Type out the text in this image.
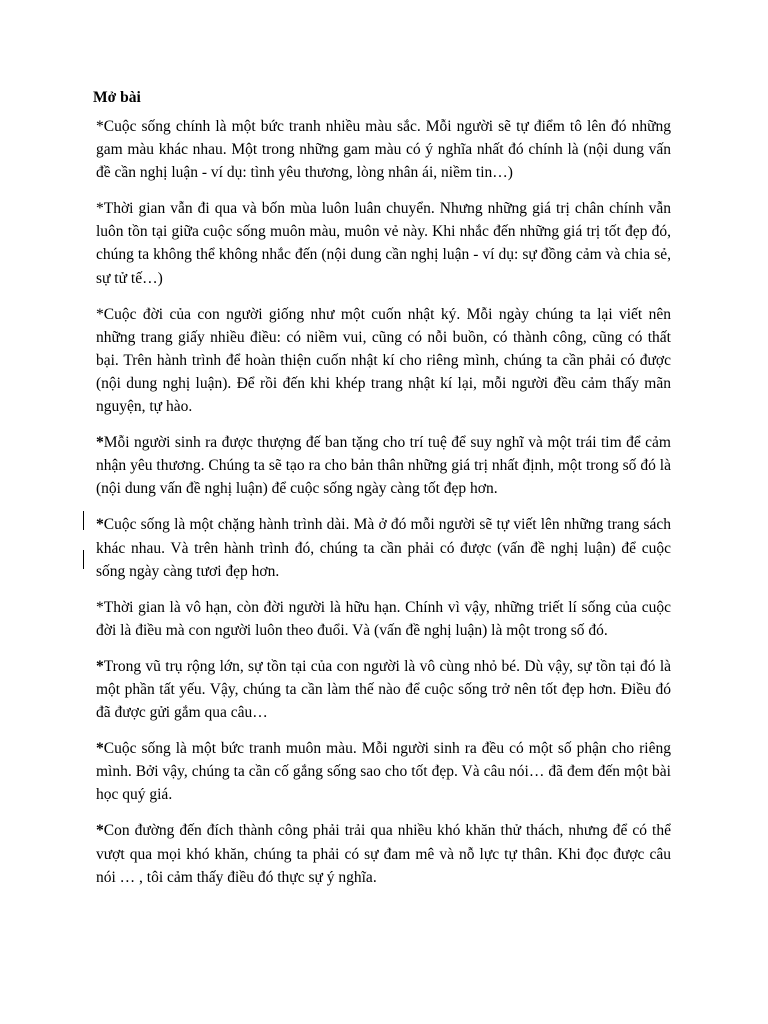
Mở bài

*Cuộc sống chính là một bức tranh nhiều màu sắc. Mỗi người sẽ tự điểm tô lên đó những gam màu khác nhau. Một trong những gam màu có ý nghĩa nhất đó chính là (nội dung vấn đề cần nghị luận - ví dụ: tình yêu thương, lòng nhân ái, niềm tin…)

*Thời gian vẫn đi qua và bốn mùa luôn luân chuyển. Nhưng những giá trị chân chính vẫn luôn tồn tại giữa cuộc sống muôn màu, muôn vẻ này. Khi nhắc đến những giá trị tốt đẹp đó, chúng ta không thể không nhắc đến (nội dung cần nghị luận - ví dụ: sự đồng cảm và chia sẻ, sự tử tế…)

*Cuộc đời của con người giống như một cuốn nhật ký. Mỗi ngày chúng ta lại viết nên những trang giấy nhiều điều: có niềm vui, cũng có nỗi buồn, có thành công, cũng có thất bại. Trên hành trình để hoàn thiện cuốn nhật kí cho riêng mình, chúng ta cần phải có được (nội dung nghị luận). Để rồi đến khi khép trang nhật kí lại, mỗi người đều cảm thấy mãn nguyện, tự hào.

*Mỗi người sinh ra được thượng đế ban tặng cho trí tuệ để suy nghĩ và một trái tim để cảm nhận yêu thương. Chúng ta sẽ tạo ra cho bản thân những giá trị nhất định, một trong số đó là (nội dung vấn đề nghị luận) để cuộc sống ngày càng tốt đẹp hơn.

*Cuộc sống là một chặng hành trình dài. Mà ở đó mỗi người sẽ tự viết lên những trang sách khác nhau. Và trên hành trình đó, chúng ta cần phải có được (vấn đề nghị luận) để cuộc sống ngày càng tươi đẹp hơn.

*Thời gian là vô hạn, còn đời người là hữu hạn. Chính vì vậy, những triết lí sống của cuộc đời là điều mà con người luôn theo đuổi. Và (vấn đề nghị luận) là một trong số đó.

*Trong vũ trụ rộng lớn, sự tồn tại của con người là vô cùng nhỏ bé. Dù vậy, sự tồn tại đó là một phần tất yếu. Vậy, chúng ta cần làm thế nào để cuộc sống trở nên tốt đẹp hơn. Điều đó đã được gửi gắm qua câu…

*Cuộc sống là một bức tranh muôn màu. Mỗi người sinh ra đều có một số phận cho riêng mình. Bởi vậy, chúng ta cần cố gắng sống sao cho tốt đẹp. Và câu nói… đã đem đến một bài học quý giá.

*Con đường đến đích thành công phải trải qua nhiều khó khăn thử thách, nhưng để có thể vượt qua mọi khó khăn, chúng ta phải có sự đam mê và nỗ lực tự thân. Khi đọc được câu nói … , tôi cảm thấy điều đó thực sự ý nghĩa.
